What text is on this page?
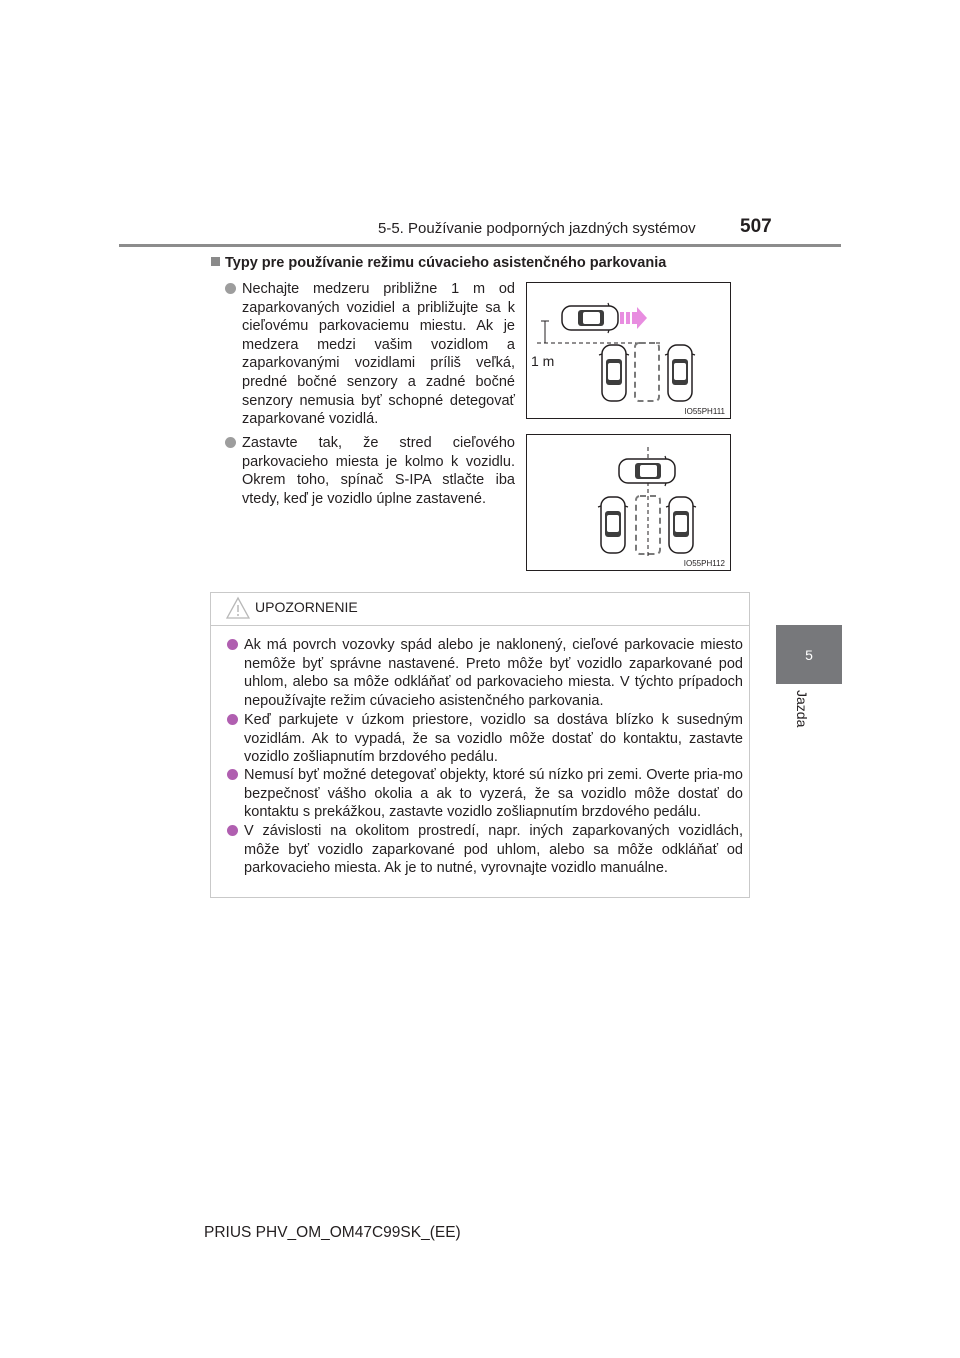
5-5. Používanie podporných jazdných systémov 507
5
Jazda
Typy pre používanie režimu cúvacieho asistenčného parkovania
Nechajte medzeru približne 1 m od zaparkovaných vozidiel a približujte sa k cieľovému parkovaciemu miestu. Ak je medzera medzi vašim vozidlom a zaparkovanými vozidlami príliš veľká, predné bočné senzory a zadné bočné senzory nemusia byť schopné detegovať zaparkované vozidlá.
Zastavte tak, že stred cieľového parkovacieho miesta je kolmo k vozidlu. Okrem toho, spínač S-IPA stlačte iba vtedy, keď je vozidlo úplne zastavené.
1 m
IO55PH111
IO55PH112
UPOZORNENIE
Ak má povrch vozovky spád alebo je naklonený, cieľové parkovacie miesto nemôže byť správne nastavené. Preto môže byť vozidlo zaparkované pod uhlom, alebo sa môže odkláňať od parkovacieho miesta. V týchto prípadoch nepoužívajte režim cúvacieho asistenčného parkovania.
Keď parkujete v úzkom priestore, vozidlo sa dostáva blízko k susedným vozidlám. Ak to vypadá, že sa vozidlo môže dostať do kontaktu, zastavte vozidlo zošliapnutím brzdového pedálu.
Nemusí byť možné detegovať objekty, ktoré sú nízko pri zemi. Overte pria-mo bezpečnosť vášho okolia a ak to vyzerá, že sa vozidlo môže dostať do kontaktu s prekážkou, zastavte vozidlo zošliapnutím brzdového pedálu.
V závislosti na okolitom prostredí, napr. iných zaparkovaných vozidlách, môže byť vozidlo zaparkované pod uhlom, alebo sa môže odkláňať od parkovacieho miesta. Ak je to nutné, vyrovnajte vozidlo manuálne.
PRIUS PHV_OM_OM47C99SK_(EE)
